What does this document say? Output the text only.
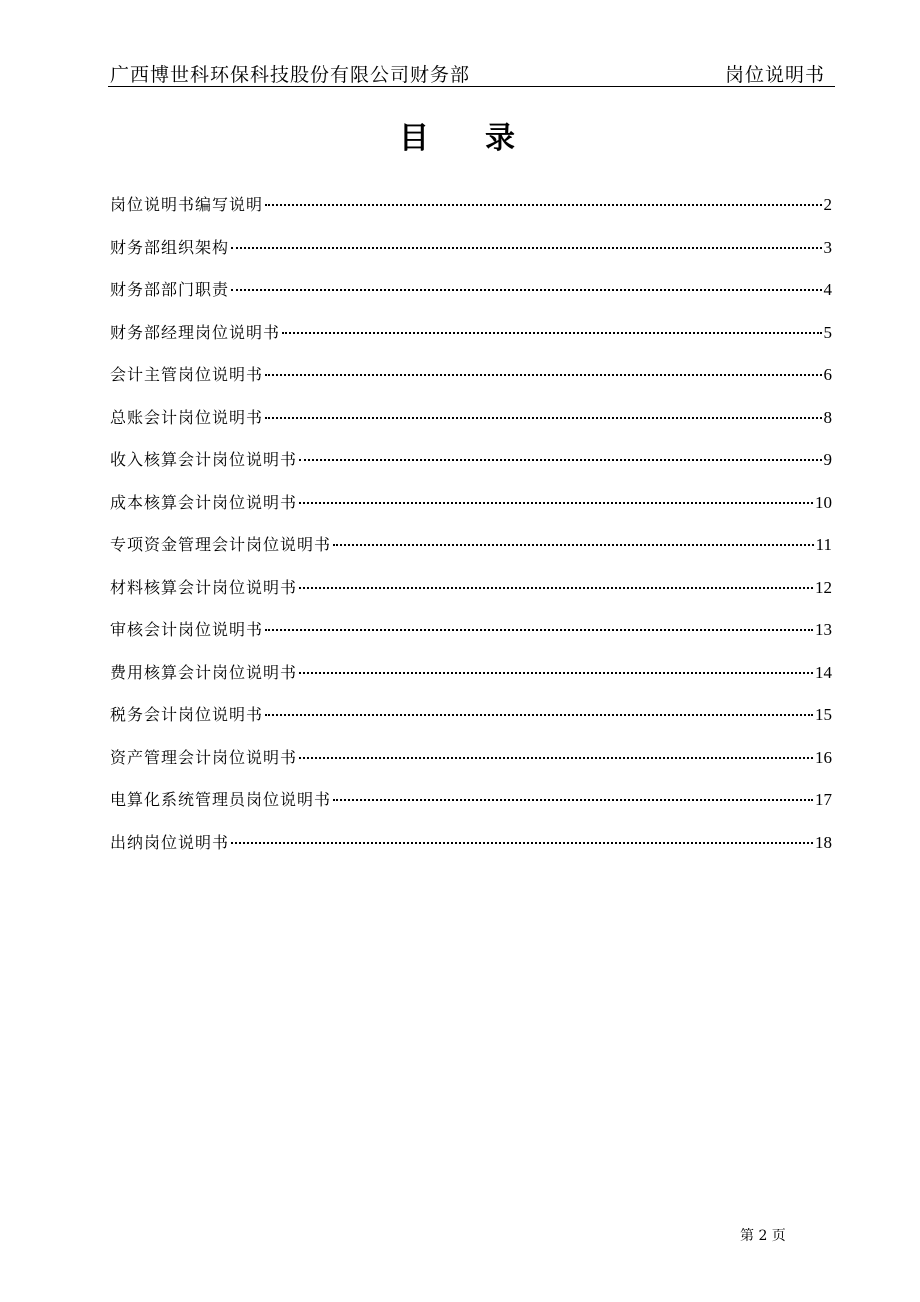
广西博世科环保科技股份有限公司财务部	岗位说明书
目录
岗位说明书编写说明	2
财务部组织架构	3
财务部部门职责	4
财务部经理岗位说明书	5
会计主管岗位说明书	6
总账会计岗位说明书	8
收入核算会计岗位说明书	9
成本核算会计岗位说明书	10
专项资金管理会计岗位说明书	11
材料核算会计岗位说明书	12
审核会计岗位说明书	13
费用核算会计岗位说明书	14
税务会计岗位说明书	15
资产管理会计岗位说明书	16
电算化系统管理员岗位说明书	17
出纳岗位说明书	18
第 2 页
